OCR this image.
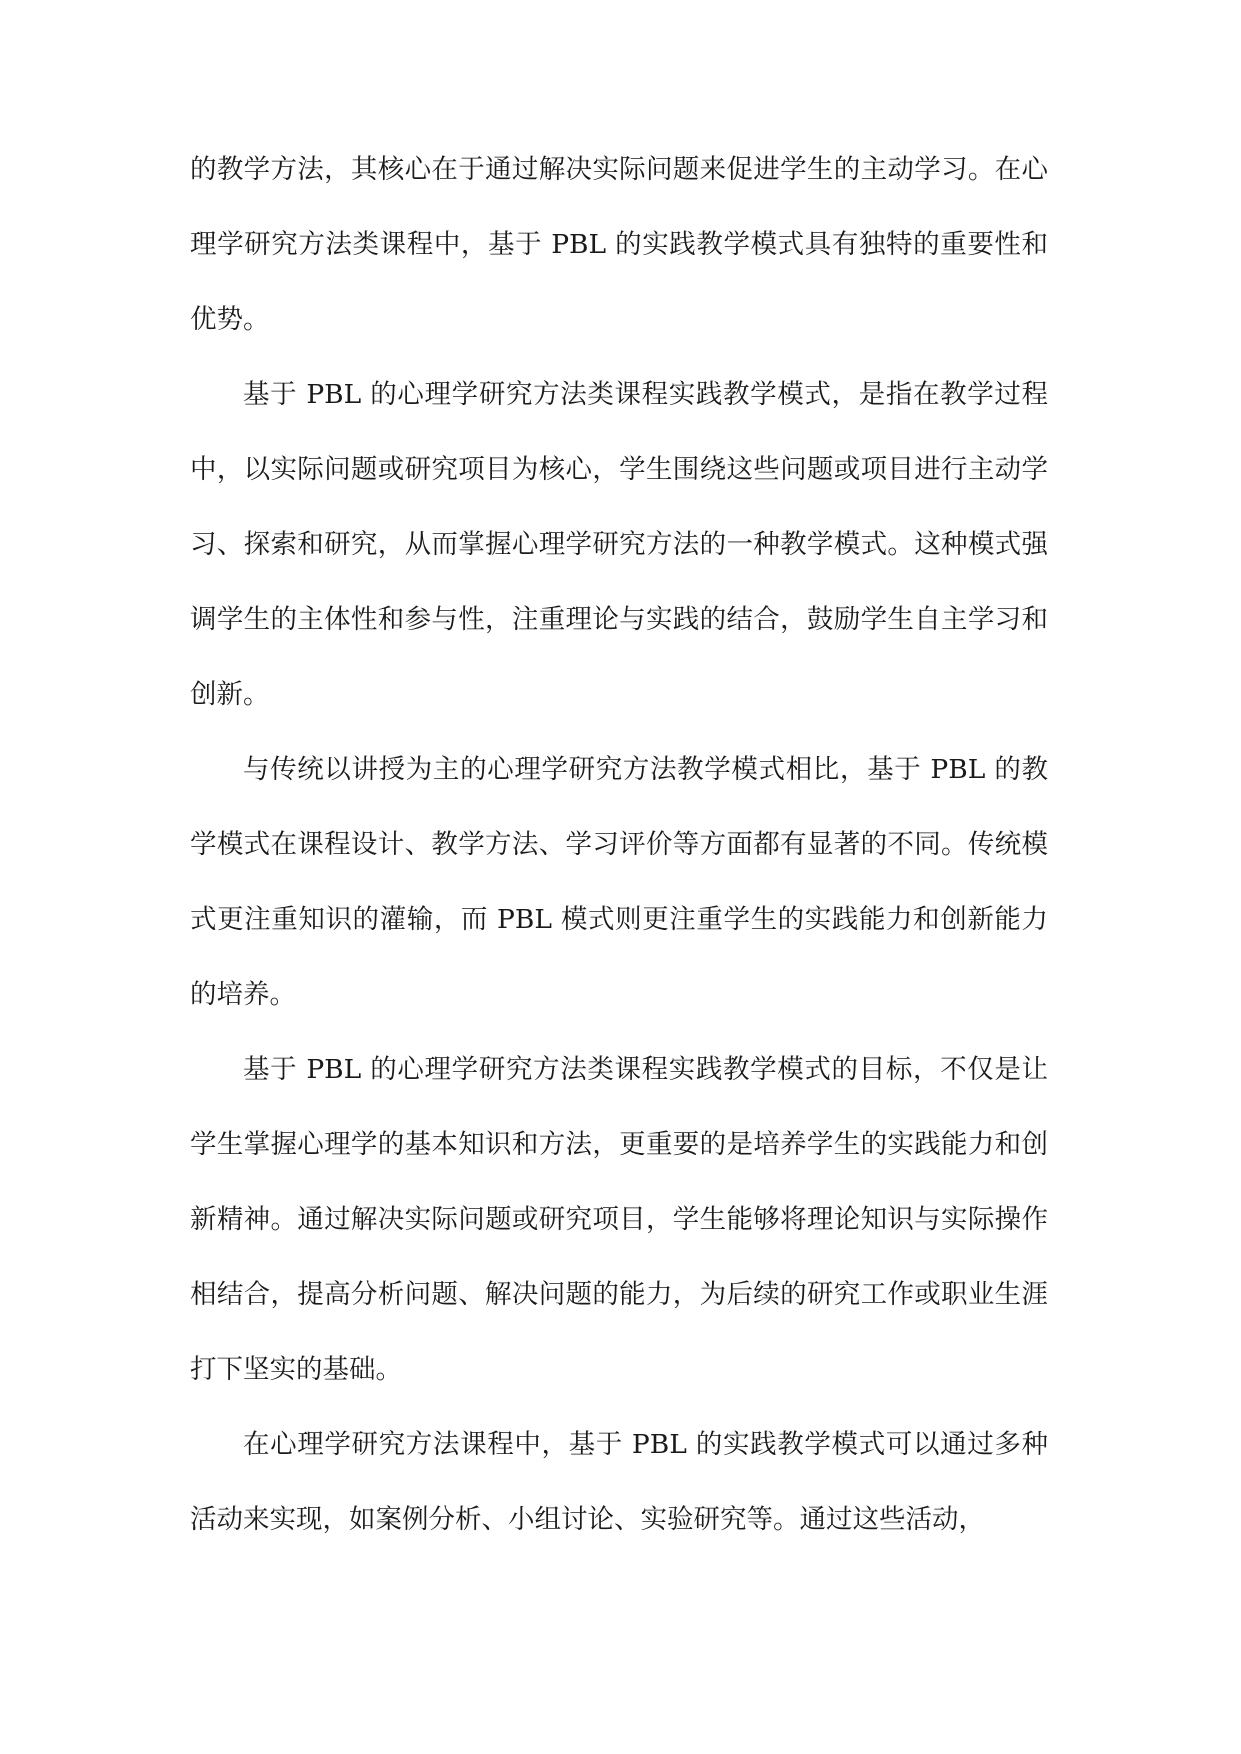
的教学方法，其核心在于通过解决实际问题来促进学生的主动学习。在心理学研究方法类课程中，基于 PBL 的实践教学模式具有独特的重要性和优势。

基于 PBL 的心理学研究方法类课程实践教学模式，是指在教学过程中，以实际问题或研究项目为核心，学生围绕这些问题或项目进行主动学习、探索和研究，从而掌握心理学研究方法的一种教学模式。这种模式强调学生的主体性和参与性，注重理论与实践的结合，鼓励学生自主学习和创新。

与传统以讲授为主的心理学研究方法教学模式相比，基于 PBL 的教学模式在课程设计、教学方法、学习评价等方面都有显著的不同。传统模式更注重知识的灌输，而 PBL 模式则更注重学生的实践能力和创新能力的培养。

基于 PBL 的心理学研究方法类课程实践教学模式的目标，不仅是让学生掌握心理学的基本知识和方法，更重要的是培养学生的实践能力和创新精神。通过解决实际问题或研究项目，学生能够将理论知识与实际操作相结合，提高分析问题、解决问题的能力，为后续的研究工作或职业生涯打下坚实的基础。

在心理学研究方法课程中，基于 PBL 的实践教学模式可以通过多种活动来实现，如案例分析、小组讨论、实验研究等。通过这些活动，
